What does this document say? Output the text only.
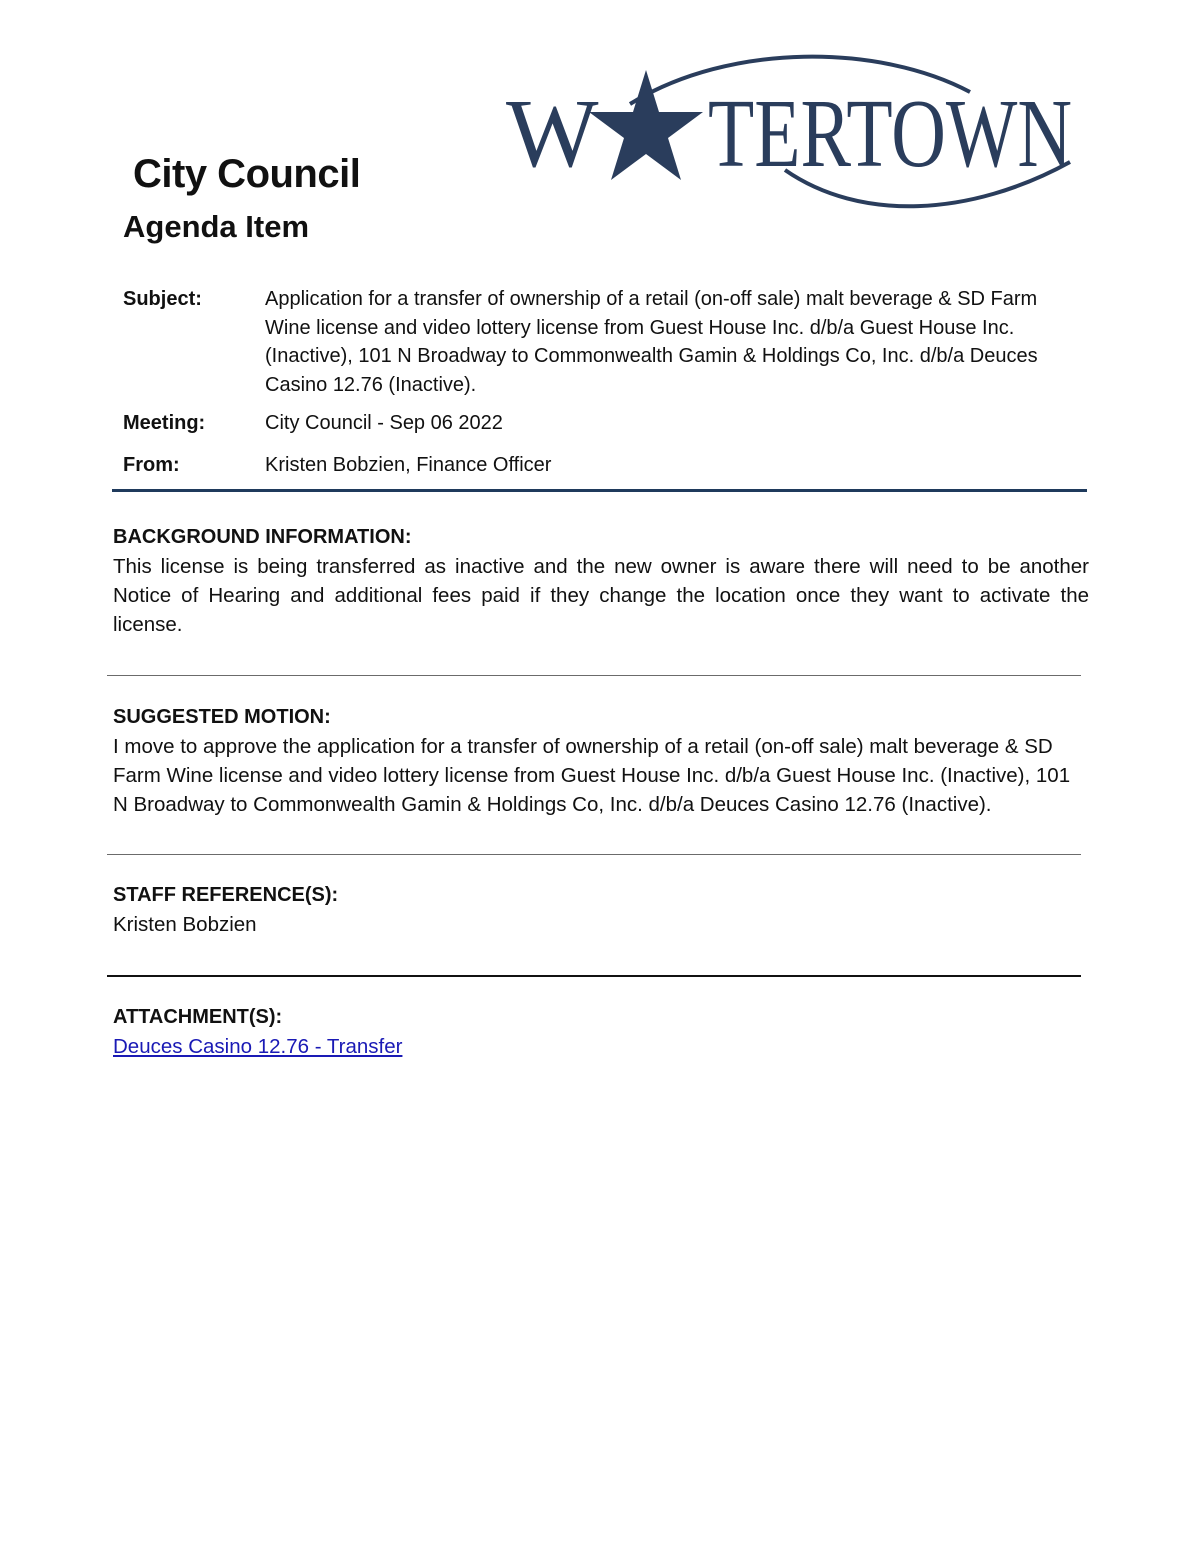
W TERTOWN
City Council
Agenda Item
Subject:	Application for a transfer of ownership of a retail (on-off sale) malt beverage & SD Farm Wine license and video lottery license from Guest House Inc. d/b/a Guest House Inc. (Inactive), 101 N Broadway to Commonwealth Gamin & Holdings Co, Inc. d/b/a Deuces Casino 12.76 (Inactive).
Meeting:	City Council - Sep 06 2022
From:	Kristen Bobzien, Finance Officer
BACKGROUND INFORMATION:
This license is being transferred as inactive and the new owner is aware there will need to be another Notice of Hearing and additional fees paid if they change the location once they want to activate the license.
SUGGESTED MOTION:
I move to approve the application for a transfer of ownership of a retail (on-off sale) malt beverage & SD Farm Wine license and video lottery license from Guest House Inc. d/b/a Guest House Inc. (Inactive), 101 N Broadway to Commonwealth Gamin & Holdings Co, Inc. d/b/a Deuces Casino 12.76 (Inactive).
STAFF REFERENCE(S):
Kristen Bobzien
ATTACHMENT(S):
Deuces Casino 12.76 - Transfer
